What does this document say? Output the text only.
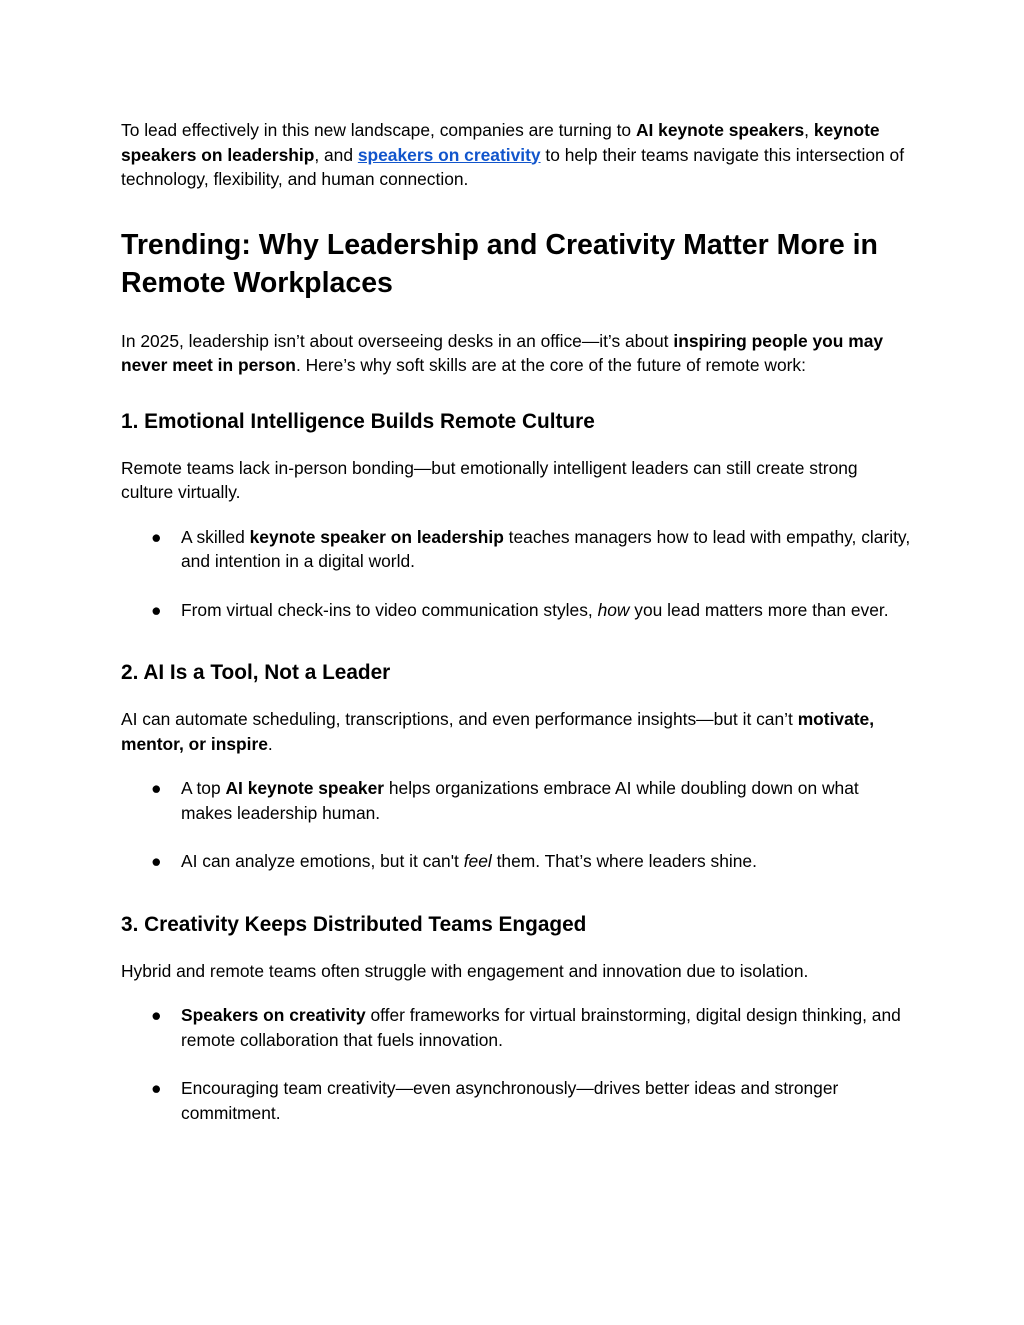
To lead effectively in this new landscape, companies are turning to AI keynote speakers, keynote speakers on leadership, and speakers on creativity to help their teams navigate this intersection of technology, flexibility, and human connection.

Trending: Why Leadership and Creativity Matter More in Remote Workplaces

In 2025, leadership isn’t about overseeing desks in an office—it’s about inspiring people you may never meet in person. Here’s why soft skills are at the core of the future of remote work:

1. Emotional Intelligence Builds Remote Culture

Remote teams lack in-person bonding—but emotionally intelligent leaders can still create strong culture virtually.

● A skilled keynote speaker on leadership teaches managers how to lead with empathy, clarity, and intention in a digital world.
● From virtual check-ins to video communication styles, how you lead matters more than ever.
2. AI Is a Tool, Not a Leader

AI can automate scheduling, transcriptions, and even performance insights—but it can’t motivate, mentor, or inspire.

● A top AI keynote speaker helps organizations embrace AI while doubling down on what makes leadership human.
● AI can analyze emotions, but it can't feel them. That’s where leaders shine.
3. Creativity Keeps Distributed Teams Engaged

Hybrid and remote teams often struggle with engagement and innovation due to isolation.

● Speakers on creativity offer frameworks for virtual brainstorming, digital design thinking, and remote collaboration that fuels innovation.
● Encouraging team creativity—even asynchronously—drives better ideas and stronger commitment.
